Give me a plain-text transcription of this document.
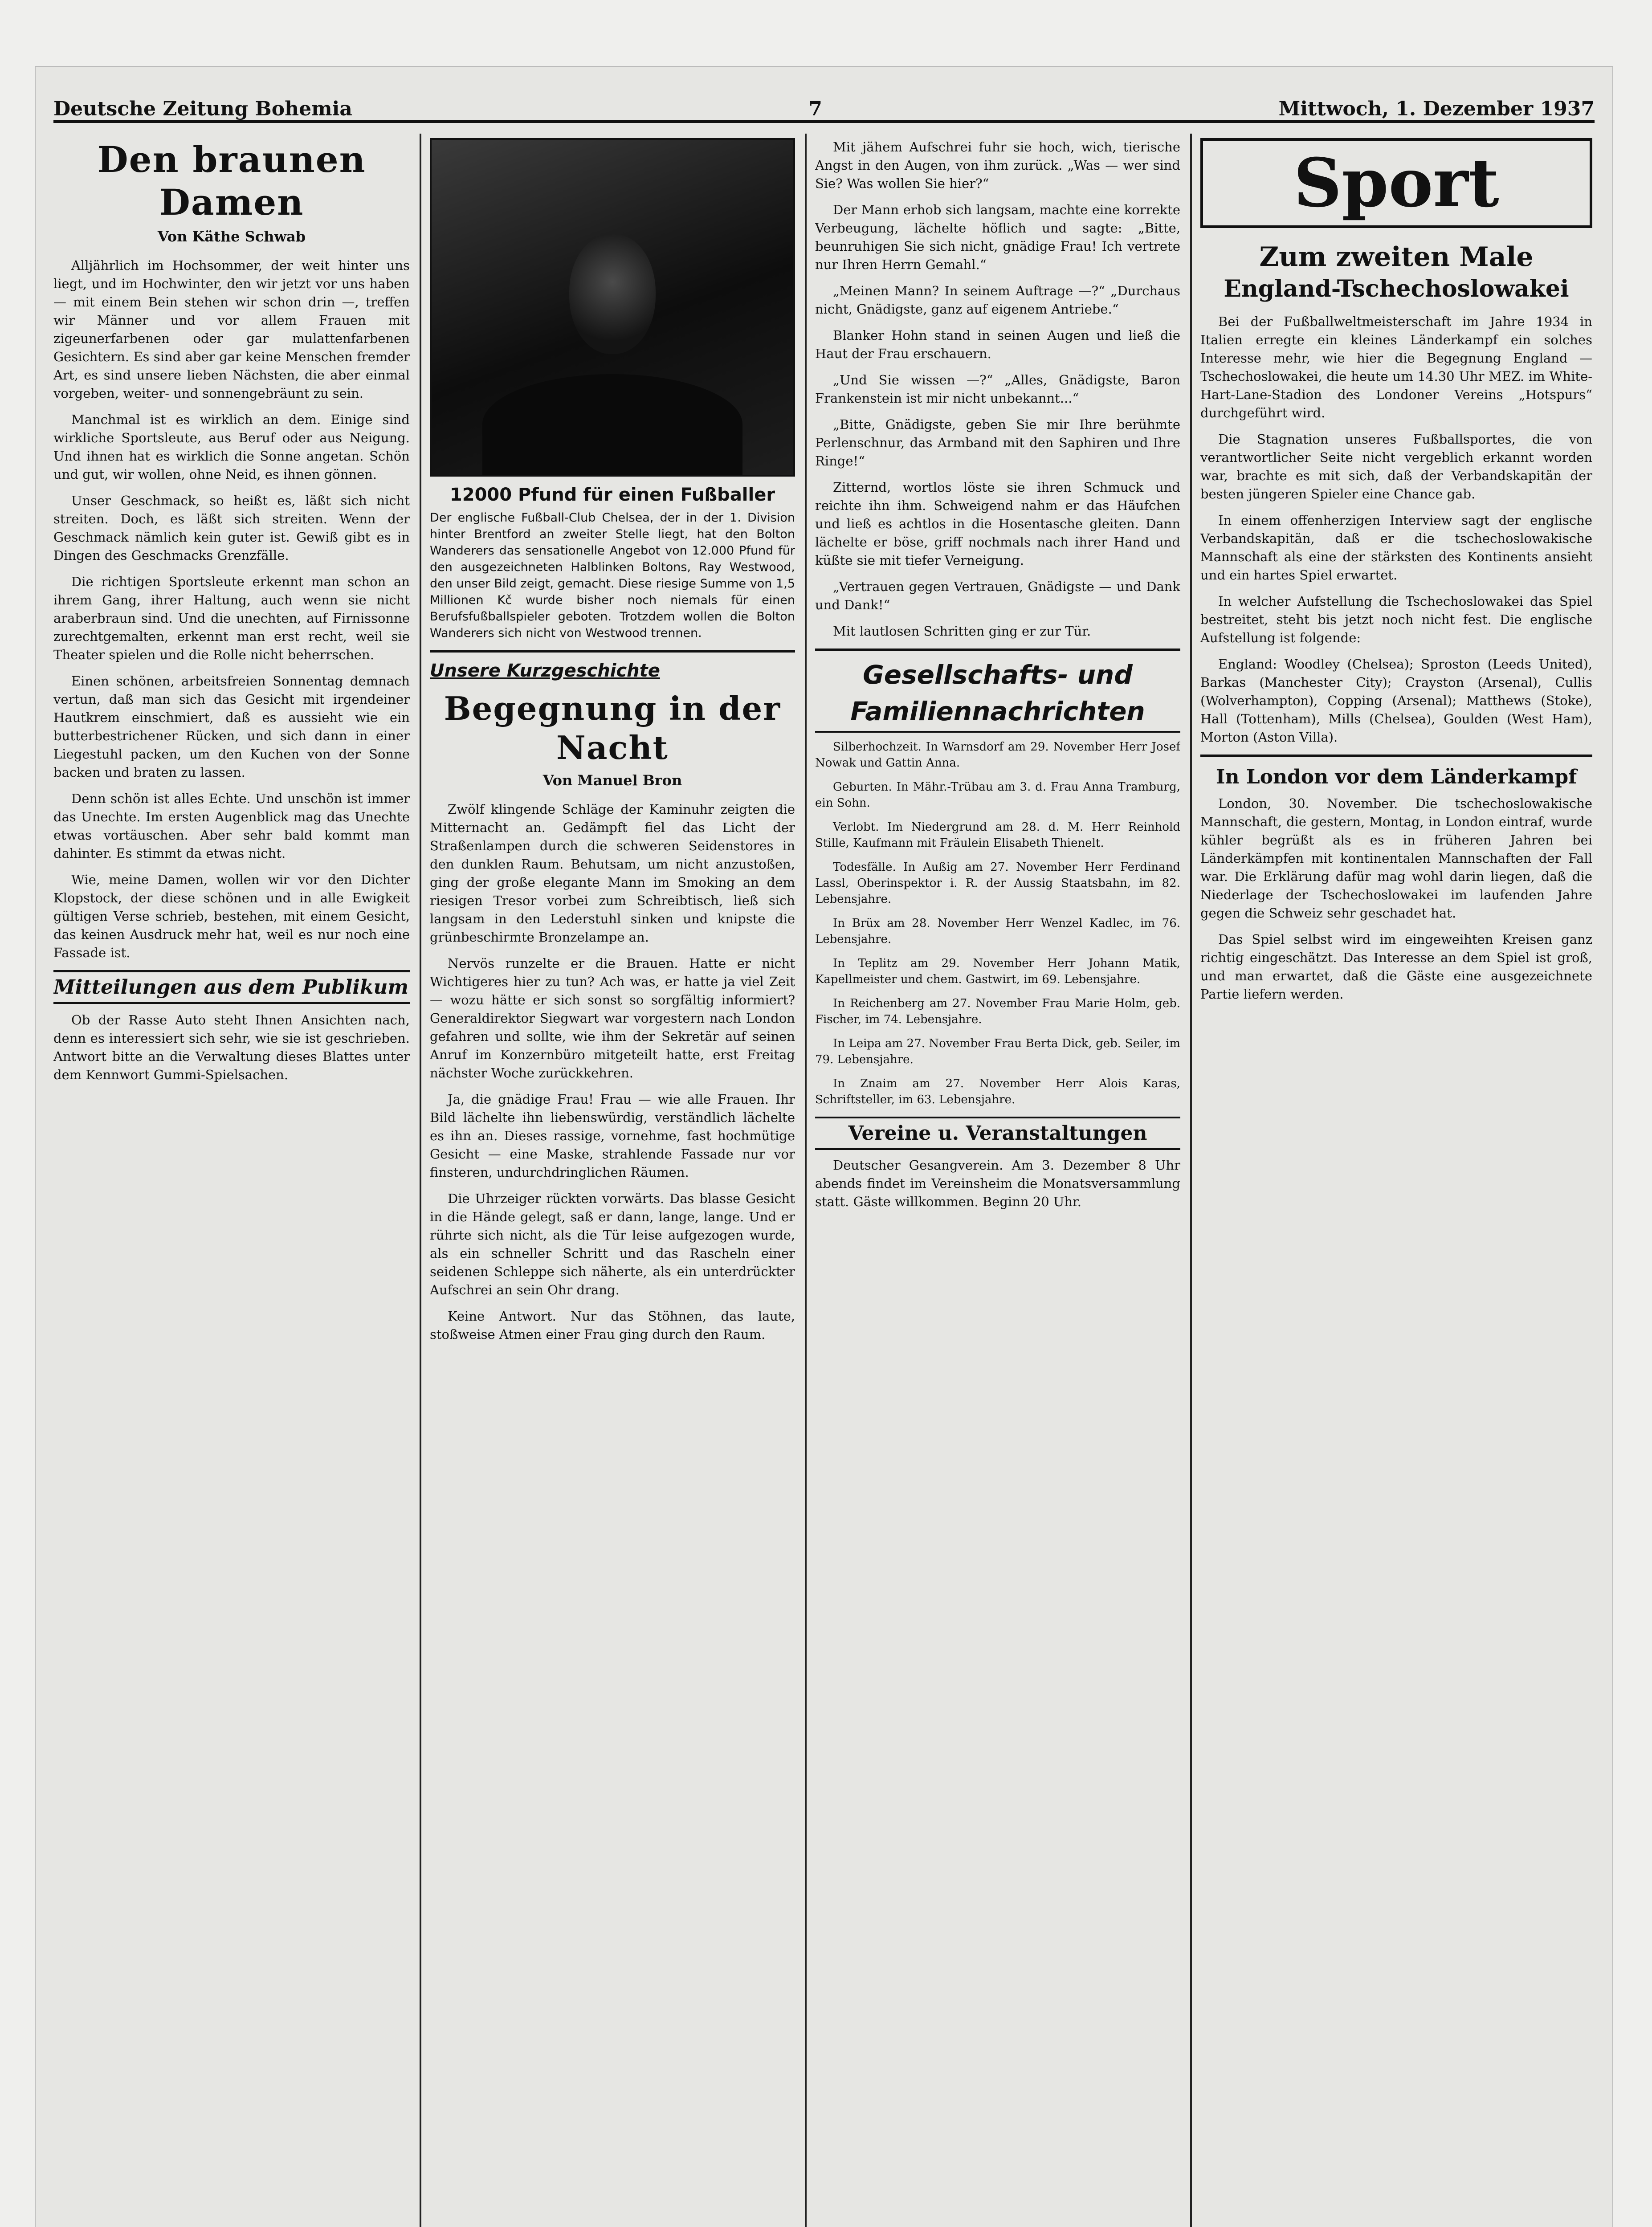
Deutsche Zeitung Bohemia	7	Mittwoch, 1. Dezember 1937
Den braunen Damen
Von Käthe Schwab

Alljährlich im Hochsommer, der weit hinter uns liegt, und im Hochwinter, den wir jetzt vor uns haben — mit einem Bein stehen wir schon drin —, treffen wir Männer und vor allem Frauen mit zigeunerfarbenen oder gar mulattenfarbenen Gesichtern. Es sind aber gar keine Menschen fremder Art, es sind unsere lieben Nächsten, die aber einmal vorgeben, weiter- und sonnengebräunt zu sein.

Manchmal ist es wirklich an dem. Einige sind wirkliche Sportsleute, aus Beruf oder aus Neigung. Und ihnen hat es wirklich die Sonne angetan. Schön und gut, wir wollen, ohne Neid, es ihnen gönnen.

Unser Geschmack, so heißt es, läßt sich nicht streiten. Doch, es läßt sich streiten. Wenn der Geschmack nämlich kein guter ist. Gewiß gibt es in Dingen des Geschmacks Grenzfälle.

Die richtigen Sportsleute erkennt man schon an ihrem Gang, ihrer Haltung, auch wenn sie nicht araberbraun sind. Und die unechten, auf Firnissonne zurechtgemalten, erkennt man erst recht, weil sie Theater spielen und die Rolle nicht beherrschen.

Einen schönen, arbeitsfreien Sonnentag demnach vertun, daß man sich das Gesicht mit irgendeiner Hautkrem einschmiert, daß es aussieht wie ein butterbestrichener Rücken, und sich dann in einer Liegestuhl packen, um den Kuchen von der Sonne backen und braten zu lassen.

Denn schön ist alles Echte. Und unschön ist immer das Unechte. Im ersten Augenblick mag das Unechte etwas vortäuschen. Aber sehr bald kommt man dahinter. Es stimmt da etwas nicht.

Wie, meine Damen, wollen wir vor den Dichter Klopstock, der diese schönen und in alle Ewigkeit gültigen Verse schrieb, bestehen, mit einem Gesicht, das keinen Ausdruck mehr hat, weil es nur noch eine Fassade ist.

Mitteilungen aus dem Publikum

Ob der Rasse Auto steht Ihnen Ansichten nach, denn es interessiert sich sehr, wie sie ist geschrieben. Antwort bitte an die Verwaltung dieses Blattes unter dem Kennwort Gummi-Spielsachen.

12000 Pfund für einen Fußballer
Der englische Fußball-Club Chelsea, der in der 1. Division hinter Brentford an zweiter Stelle liegt, hat den Bolton Wanderers das sensationelle Angebot von 12.000 Pfund für den ausgezeichneten Halblinken Boltons, Ray Westwood, den unser Bild zeigt, gemacht. Diese riesige Summe von 1,5 Millionen Kč wurde bisher noch niemals für einen Berufsfußballspieler geboten. Trotzdem wollen die Bolton Wanderers sich nicht von Westwood trennen.
Unsere Kurzgeschichte
Begegnung in der Nacht
Von Manuel Bron

Zwölf klingende Schläge der Kaminuhr zeigten die Mitternacht an. Gedämpft fiel das Licht der Straßenlampen durch die schweren Seidenstores in den dunklen Raum. Behutsam, um nicht anzustoßen, ging der große elegante Mann im Smoking an dem riesigen Tresor vorbei zum Schreibtisch, ließ sich langsam in den Lederstuhl sinken und knipste die grünbeschirmte Bronzelampe an.

Nervös runzelte er die Brauen. Hatte er nicht Wichtigeres hier zu tun? Ach was, er hatte ja viel Zeit — wozu hätte er sich sonst so sorgfältig informiert? Generaldirektor Siegwart war vorgestern nach London gefahren und sollte, wie ihm der Sekretär auf seinen Anruf im Konzernbüro mitgeteilt hatte, erst Freitag nächster Woche zurückkehren.

Ja, die gnädige Frau! Frau — wie alle Frauen. Ihr Bild lächelte ihn liebenswürdig, verständlich lächelte es ihn an. Dieses rassige, vornehme, fast hochmütige Gesicht — eine Maske, strahlende Fassade nur vor finsteren, undurchdringlichen Räumen.

Die Uhrzeiger rückten vorwärts. Das blasse Gesicht in die Hände gelegt, saß er dann, lange, lange. Und er rührte sich nicht, als die Tür leise aufgezogen wurde, als ein schneller Schritt und das Rascheln einer seidenen Schleppe sich näherte, als ein unterdrückter Aufschrei an sein Ohr drang.

Keine Antwort. Nur das Stöhnen, das laute, stoßweise Atmen einer Frau ging durch den Raum.

Mit jähem Aufschrei fuhr sie hoch, wich, tierische Angst in den Augen, von ihm zurück. „Was — wer sind Sie? Was wollen Sie hier?“

Der Mann erhob sich langsam, machte eine korrekte Verbeugung, lächelte höflich und sagte: „Bitte, beunruhigen Sie sich nicht, gnädige Frau! Ich vertrete nur Ihren Herrn Gemahl.“

„Meinen Mann? In seinem Auftrage —?“ „Durchaus nicht, Gnädigste, ganz auf eigenem Antriebe.“

Blanker Hohn stand in seinen Augen und ließ die Haut der Frau erschauern.

„Und Sie wissen —?“ „Alles, Gnädigste, Baron Frankenstein ist mir nicht unbekannt...“

„Bitte, Gnädigste, geben Sie mir Ihre berühmte Perlenschnur, das Armband mit den Saphiren und Ihre Ringe!“

Zitternd, wortlos löste sie ihren Schmuck und reichte ihn ihm. Schweigend nahm er das Häufchen und ließ es achtlos in die Hosentasche gleiten. Dann lächelte er böse, griff nochmals nach ihrer Hand und küßte sie mit tiefer Verneigung.

„Vertrauen gegen Vertrauen, Gnädigste — und Dank und Dank!“

Mit lautlosen Schritten ging er zur Tür.

Gesellschafts- und
Familiennachrichten

Silberhochzeit. In Warnsdorf am 29. November Herr Josef Nowak und Gattin Anna.

Geburten. In Mähr.-Trübau am 3. d. Frau Anna Tramburg, ein Sohn.

Verlobt. Im Niedergrund am 28. d. M. Herr Reinhold Stille, Kaufmann mit Fräulein Elisabeth Thienelt.

Todesfälle. In Außig am 27. November Herr Ferdinand Lassl, Oberinspektor i. R. der Aussig Staatsbahn, im 82. Lebensjahre.

In Brüx am 28. November Herr Wenzel Kadlec, im 76. Lebensjahre.

In Teplitz am 29. November Herr Johann Matik, Kapellmeister und chem. Gastwirt, im 69. Lebensjahre.

In Reichenberg am 27. November Frau Marie Holm, geb. Fischer, im 74. Lebensjahre.

In Leipa am 27. November Frau Berta Dick, geb. Seiler, im 79. Lebensjahre.

In Znaim am 27. November Herr Alois Karas, Schriftsteller, im 63. Lebensjahre.

Vereine u. Veranstaltungen

Deutscher Gesangverein. Am 3. Dezember 8 Uhr abends findet im Vereinsheim die Monatsversammlung statt. Gäste willkommen. Beginn 20 Uhr.

Sport
Zum zweiten Male
England-Tschechoslowakei

Bei der Fußballweltmeisterschaft im Jahre 1934 in Italien erregte ein kleines Länderkampf ein solches Interesse mehr, wie hier die Begegnung England — Tschechoslowakei, die heute um 14.30 Uhr MEZ. im White-Hart-Lane-Stadion des Londoner Vereins „Hotspurs“ durchgeführt wird.

Die Stagnation unseres Fußballsportes, die von verantwortlicher Seite nicht vergeblich erkannt worden war, brachte es mit sich, daß der Verbandskapitän der besten jüngeren Spieler eine Chance gab.

In einem offenherzigen Interview sagt der englische Verbandskapitän, daß er die tschechoslowakische Mannschaft als eine der stärksten des Kontinents ansieht und ein hartes Spiel erwartet.

In welcher Aufstellung die Tschechoslowakei das Spiel bestreitet, steht bis jetzt noch nicht fest. Die englische Aufstellung ist folgende:

England: Woodley (Chelsea); Sproston (Leeds United), Barkas (Manchester City); Crayston (Arsenal), Cullis (Wolverhampton), Copping (Arsenal); Matthews (Stoke), Hall (Tottenham), Mills (Chelsea), Goulden (West Ham), Morton (Aston Villa).

In London vor dem Länderkampf

London, 30. November. Die tschechoslowakische Mannschaft, die gestern, Montag, in London eintraf, wurde kühler begrüßt als es in früheren Jahren bei Länderkämpfen mit kontinentalen Mannschaften der Fall war. Die Erklärung dafür mag wohl darin liegen, daß die Niederlage der Tschechoslowakei im laufenden Jahre gegen die Schweiz sehr geschadet hat.

Das Spiel selbst wird im eingeweihten Kreisen ganz richtig eingeschätzt. Das Interesse an dem Spiel ist groß, und man erwartet, daß die Gäste eine ausgezeichnete Partie liefern werden.
